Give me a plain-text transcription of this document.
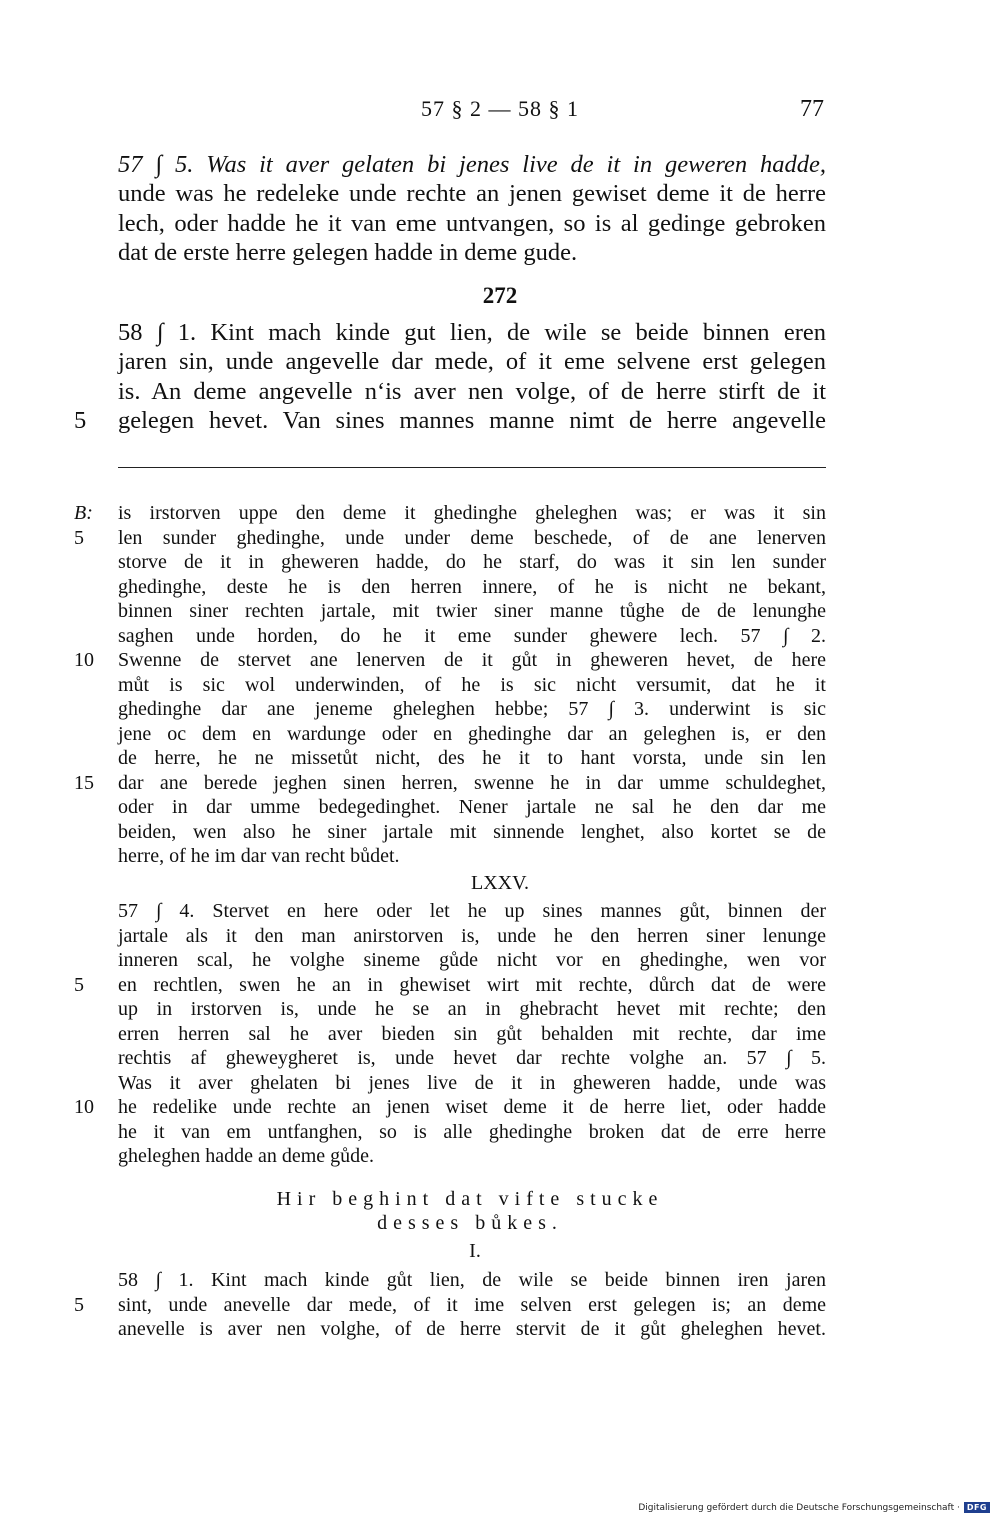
57 § 2 — 58 § 1	77
57 ∫ 5. Was it aver gelaten bi jenes live de it in geweren hadde,
unde was he redeleke unde rechte an jenen gewiset deme it de herre
lech, oder hadde he it van eme untvangen, so is al gedinge gebroken
dat de erste herre gelegen hadde in deme gude.
272
58 ∫ 1. Kint mach kinde gut lien, de wile se beide binnen eren
jaren sin, unde angevelle dar mede, of it eme selvene erst gelegen
is. An deme angevelle n‘is aver nen volge, of de herre stirft de it
5	gelegen hevet. Van sines mannes manne nimt de herre angevelle
B:	is irstorven uppe den deme it ghedinghe gheleghen was; er was it sin
5	len sunder ghedinghe, unde under deme beschede, of de ane lenerven
storve de it in gheweren hadde, do he starf, do was it sin len sunder
ghedinghe, deste he is den herren innere, of he is nicht ne bekant,
binnen siner rechten jartale, mit twier siner manne tůghe de de lenunghe
saghen unde horden, do he it eme sunder ghewere lech. 57 ∫ 2.
10	Swenne de stervet ane lenerven de it gůt in gheweren hevet, de here
můt is sic wol underwinden, of he is sic nicht versumit, dat he it
ghedinghe dar ane jeneme gheleghen hebbe; 57 ∫ 3. underwint is sic
jene oc dem en wardunge oder en ghedinghe dar an geleghen is, er den
de herre, he ne missetůt nicht, des he it to hant vorsta, unde sin len
15	dar ane berede jeghen sinen herren, swenne he in dar umme schuldeghet,
oder in dar umme bedegedinghet. Nener jartale ne sal he den dar me
beiden, wen also he siner jartale mit sinnende lenghet, also kortet se de
herre, of he im dar van recht bůdet.
LXXV.
57 ∫ 4. Stervet en here oder let he up sines mannes gůt, binnen der
jartale als it den man anirstorven is, unde he den herren siner lenunge
inneren scal, he volghe sineme gůde nicht vor en ghedinghe, wen vor
5	en rechtlen, swen he an in ghewiset wirt mit rechte, důrch dat de were
up in irstorven is, unde he se an in ghebracht hevet mit rechte; den
erren herren sal he aver bieden sin gůt behalden mit rechte, dar ime
rechtis af gheweygheret is, unde hevet dar rechte volghe an. 57 ∫ 5.
Was it aver ghelaten bi jenes live de it in gheweren hadde, unde was
10	he redelike unde rechte an jenen wiset deme it de herre liet, oder hadde
he it van em untfanghen, so is alle ghedinghe broken dat de erre herre
gheleghen hadde an deme gůde.
Hir beghint dat vifte stucke
desses bůkes.
I.
58 ∫ 1. Kint mach kinde gůt lien, de wile se beide binnen iren jaren
5	sint, unde anevelle dar mede, of it ime selven erst gelegen is; an deme
anevelle is aver nen volghe, of de herre stervit de it gůt gheleghen hevet.
Digitalisierung gefördert durch die Deutsche Forschungsgemeinschaft · DFG
